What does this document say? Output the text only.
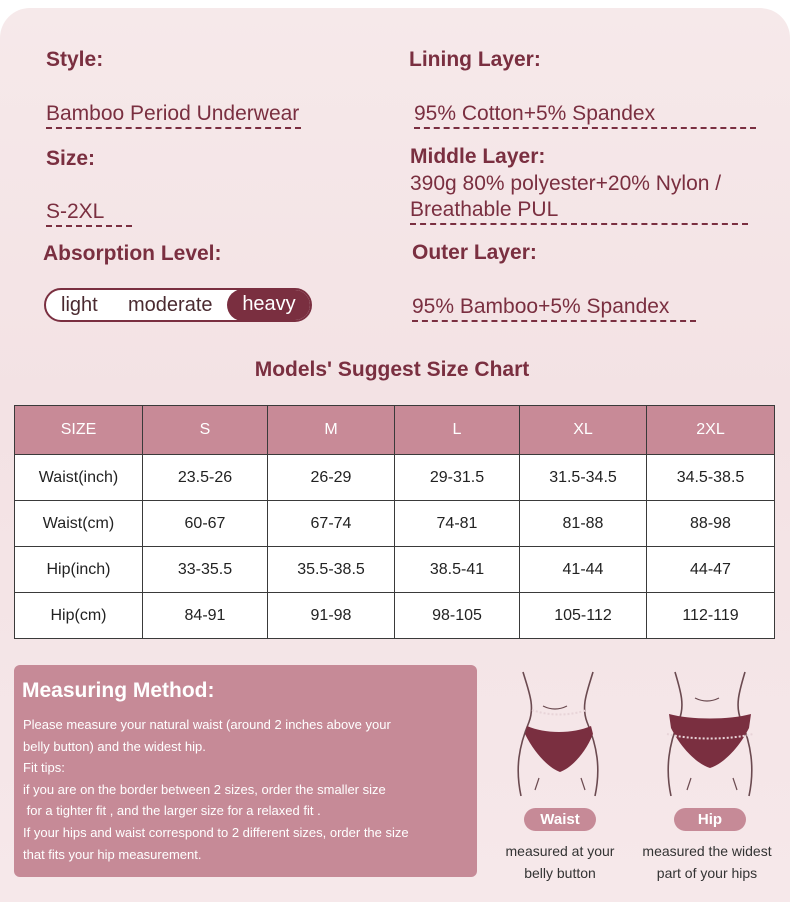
Style:
Bamboo Period Underwear
Size:
S-2XL
Absorption Level:
light moderate	heavy
Lining Layer:
95% Cotton+5% Spandex
Middle Layer:
390g 80% polyester+20% Nylon /
Breathable PUL
Outer Layer:
95% Bamboo+5% Spandex
Models' Suggest Size Chart
SIZE	S	M	L	XL	2XL
Waist(inch)	23.5-26	26-29	29-31.5	31.5-34.5	34.5-38.5
Waist(cm)	60-67	67-74	74-81	81-88	88-98
Hip(inch)	33-35.5	35.5-38.5	38.5-41	41-44	44-47
Hip(cm)	84-91	91-98	98-105	105-112	112-119
Measuring Method:
Please measure your natural waist (around 2 inches above your
belly button) and the widest hip.
Fit tips:
if you are on the border between 2 sizes, order the smaller size
for a tighter fit , and the larger size for a relaxed fit .
If your hips and waist correspond to 2 different sizes, order the size
that fits your hip measurement.
Waist
measured at your
belly button
Hip
measured the widest
part of your hips
